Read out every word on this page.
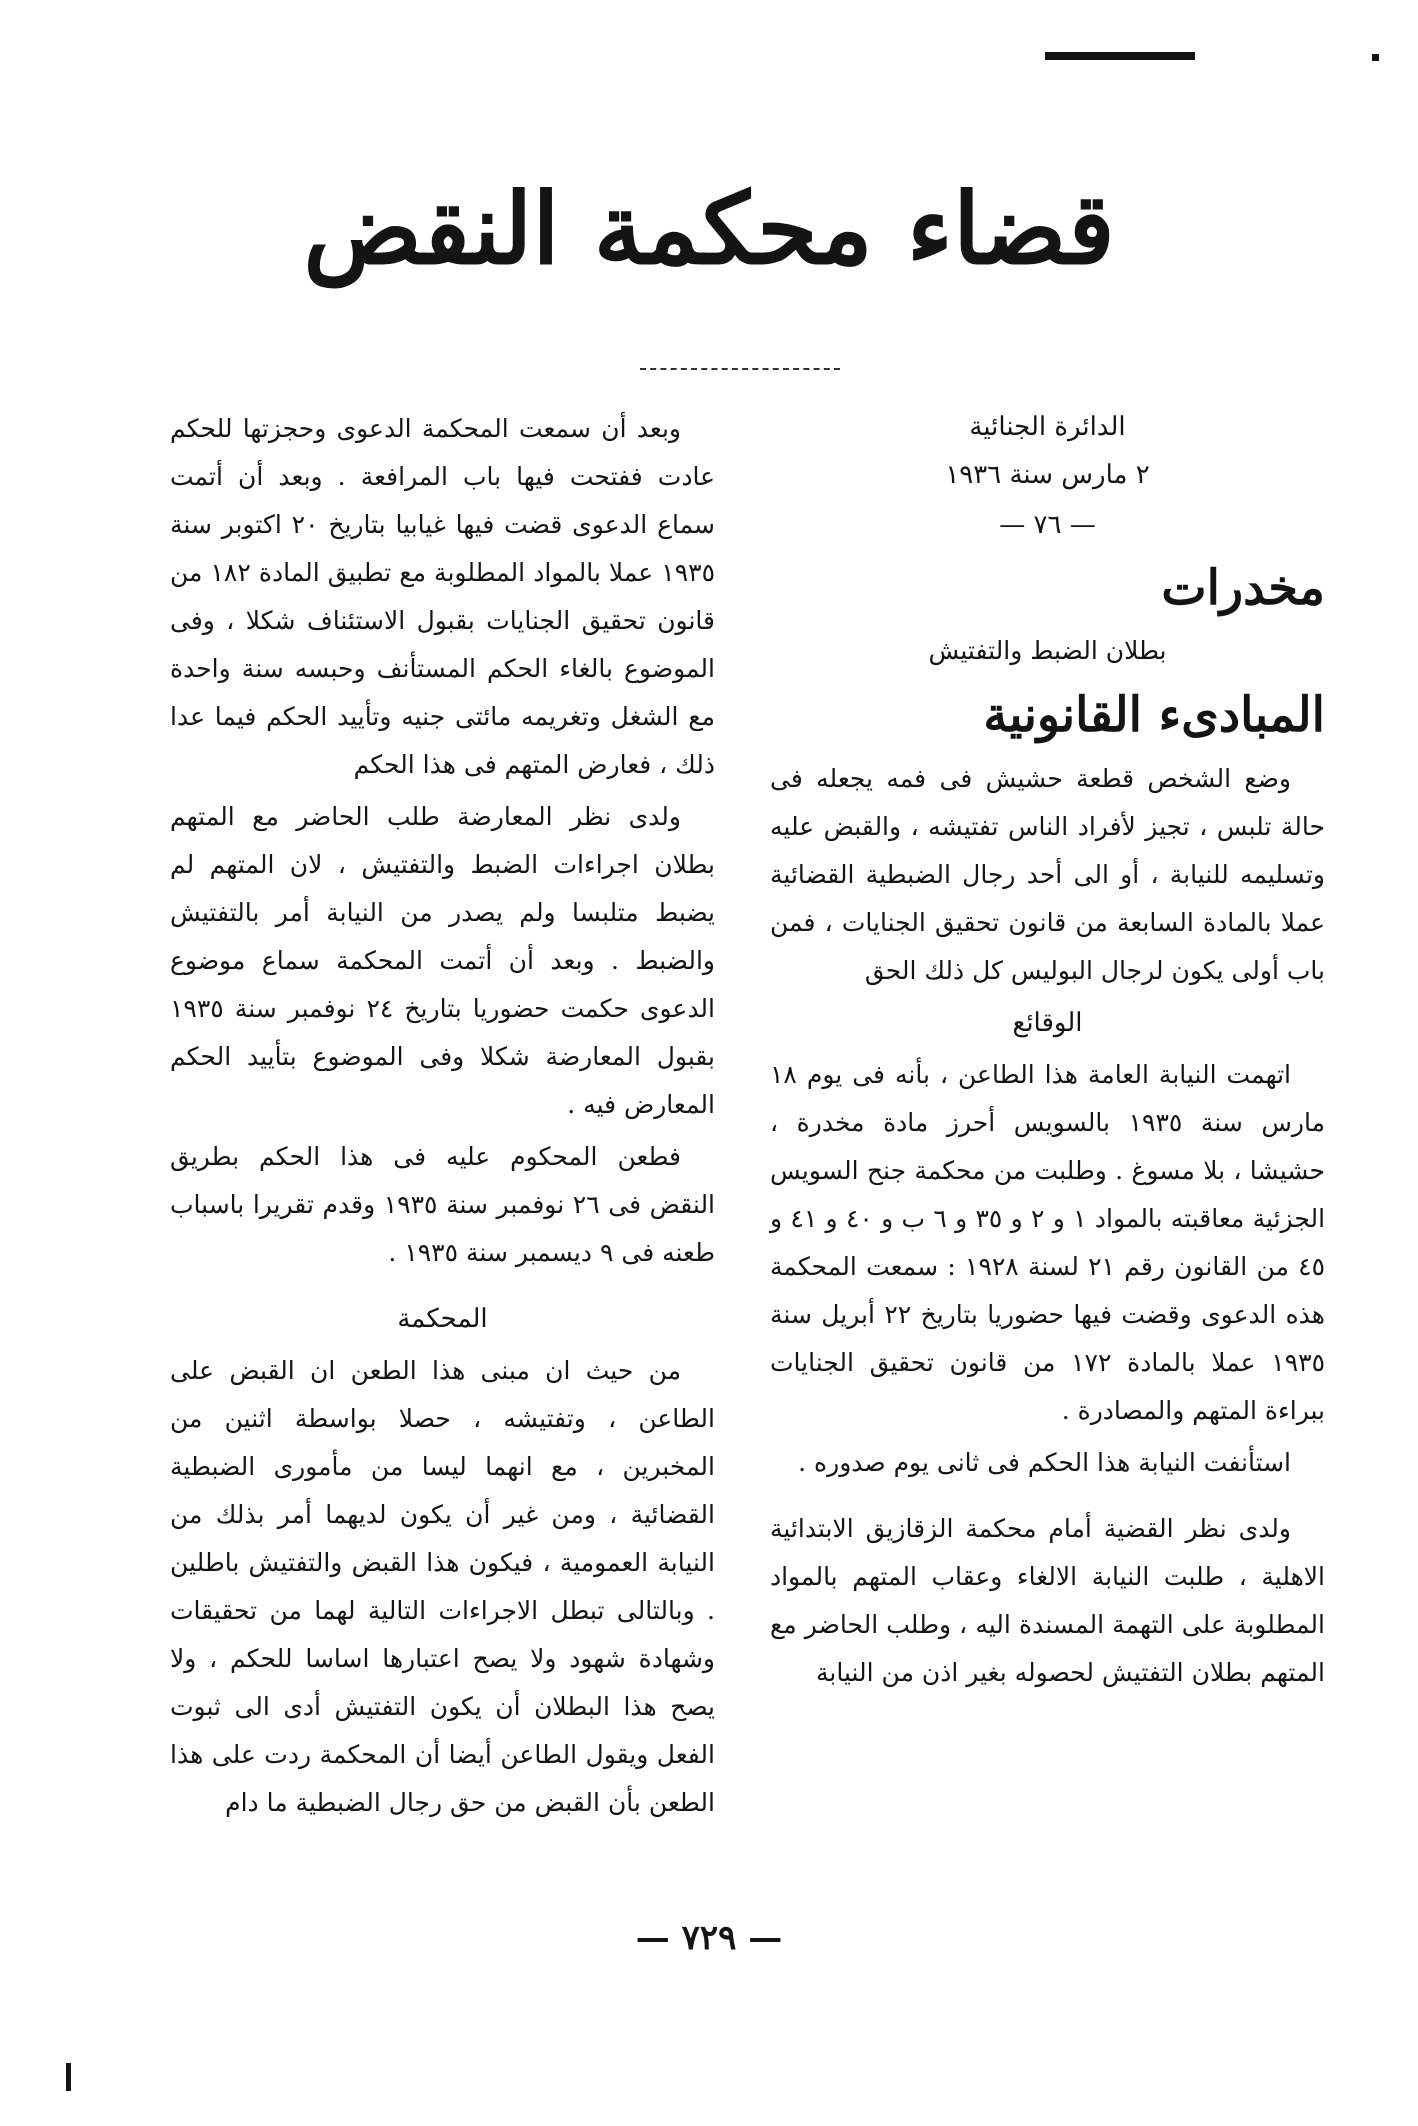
قضاء محكمة النقض

الدائرة الجنائية

٢ مارس سنة ١٩٣٦

— ٧٦ —

مخدرات

بطلان الضبط والتفتيش

المبادىء القانونية

وضع الشخص قطعة حشيش فى فمه يجعله فى حالة تلبس ، تجيز لأفراد الناس تفتيشه ، والقبض عليه وتسليمه للنيابة ، أو الى أحد رجال الضبطية القضائية عملا بالمادة السابعة من قانون تحقيق الجنايات ، فمن باب أولى يكون لرجال البوليس كل ذلك الحق

الوقائع

اتهمت النيابة العامة هذا الطاعن ، بأنه فى يوم ١٨ مارس سنة ١٩٣٥ بالسويس أحرز مادة مخدرة ، حشيشا ، بلا مسوغ . وطلبت من محكمة جنح السويس الجزئية معاقبته بالمواد ١ و ٢ و ٣٥ و ٦ ب و ٤٠ و ٤١ و ٤٥ من القانون رقم ٢١ لسنة ١٩٢٨ : سمعت المحكمة هذه الدعوى وقضت فيها حضوريا بتاريخ ٢٢ أبريل سنة ١٩٣٥ عملا بالمادة ١٧٢ من قانون تحقيق الجنايات ببراءة المتهم والمصادرة .

استأنفت النيابة هذا الحكم فى ثانى يوم صدوره .

ولدى نظر القضية أمام محكمة الزقازيق الابتدائية الاهلية ، طلبت النيابة الالغاء وعقاب المتهم بالمواد المطلوبة على التهمة المسندة اليه ، وطلب الحاضر مع المتهم بطلان التفتيش لحصوله بغير اذن من النيابة

وبعد أن سمعت المحكمة الدعوى وحجزتها للحكم عادت ففتحت فيها باب المرافعة . وبعد أن أتمت سماع الدعوى قضت فيها غيابيا بتاريخ ٢٠ اكتوبر سنة ١٩٣٥ عملا بالمواد المطلوبة مع تطبيق المادة ١٨٢ من قانون تحقيق الجنايات بقبول الاستئناف شكلا ، وفى الموضوع بالغاء الحكم المستأنف وحبسه سنة واحدة مع الشغل وتغريمه مائتى جنيه وتأييد الحكم فيما عدا ذلك ، فعارض المتهم فى هذا الحكم

ولدى نظر المعارضة طلب الحاضر مع المتهم بطلان اجراءات الضبط والتفتيش ، لان المتهم لم يضبط متلبسا ولم يصدر من النيابة أمر بالتفتيش والضبط . وبعد أن أتمت المحكمة سماع موضوع الدعوى حكمت حضوريا بتاريخ ٢٤ نوفمبر سنة ١٩٣٥ بقبول المعارضة شكلا وفى الموضوع بتأييد الحكم المعارض فيه .

فطعن المحكوم عليه فى هذا الحكم بطريق النقض فى ٢٦ نوفمبر سنة ١٩٣٥ وقدم تقريرا باسباب طعنه فى ٩ ديسمبر سنة ١٩٣٥ .

المحكمة

من حيث ان مبنى هذا الطعن ان القبض على الطاعن ، وتفتيشه ، حصلا بواسطة اثنين من المخبرين ، مع انهما ليسا من مأمورى الضبطية القضائية ، ومن غير أن يكون لديهما أمر بذلك من النيابة العمومية ، فيكون هذا القبض والتفتيش باطلين . وبالتالى تبطل الاجراءات التالية لهما من تحقيقات وشهادة شهود ولا يصح اعتبارها اساسا للحكم ، ولا يصح هذا البطلان أن يكون التفتيش أدى الى ثبوت الفعل ويقول الطاعن أيضا أن المحكمة ردت على هذا الطعن بأن القبض من حق رجال الضبطية ما دام

— ٧٢٩ —
